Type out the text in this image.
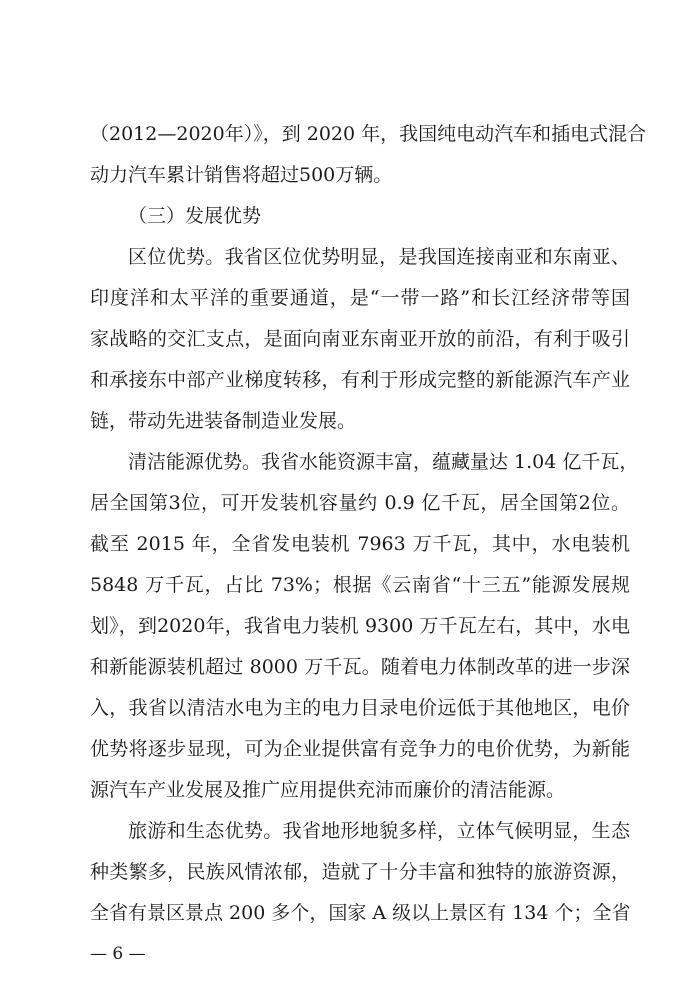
（2012—2020年）》，到 2020 年，我国纯电动汽车和插电式混合
动力汽车累计销售将超过500万辆。
（三）发展优势
区位优势。我省区位优势明显，是我国连接南亚和东南亚、
印度洋和太平洋的重要通道，是“一带一路”和长江经济带等国
家战略的交汇支点，是面向南亚东南亚开放的前沿，有利于吸引
和承接东中部产业梯度转移，有利于形成完整的新能源汽车产业
链，带动先进装备制造业发展。
清洁能源优势。我省水能资源丰富，蕴藏量达 1.04 亿千瓦，
居全国第3位，可开发装机容量约 0.9 亿千瓦，居全国第2位。
截至 2015 年，全省发电装机 7963 万千瓦，其中，水电装机
5848 万千瓦，占比 73%；根据《云南省“十三五”能源发展规
划》，到2020年，我省电力装机 9300 万千瓦左右，其中，水电
和新能源装机超过 8000 万千瓦。随着电力体制改革的进一步深
入，我省以清洁水电为主的电力目录电价远低于其他地区，电价
优势将逐步显现，可为企业提供富有竞争力的电价优势，为新能
源汽车产业发展及推广应用提供充沛而廉价的清洁能源。
旅游和生态优势。我省地形地貌多样，立体气候明显，生态
种类繁多，民族风情浓郁，造就了十分丰富和独特的旅游资源，
全省有景区景点 200 多个，国家 A 级以上景区有 134 个；全省
— 6 —
